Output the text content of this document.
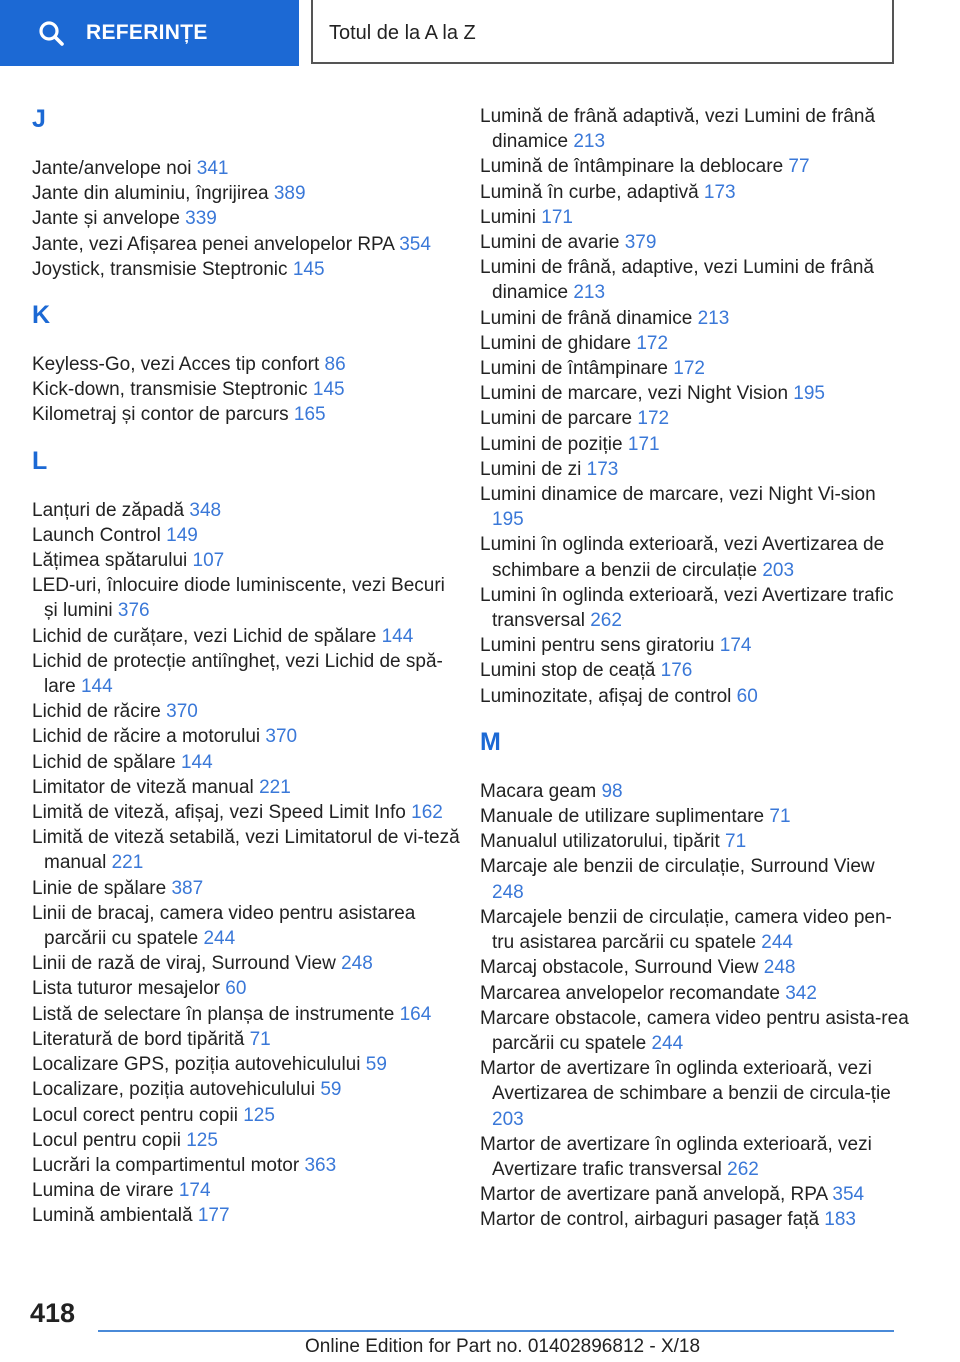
REFERINȚE	Totul de la A la Z
J
Jante/anvelope noi 341
Jante din aluminiu, îngrijirea 389
Jante și anvelope 339
Jante, vezi Afișarea penei anvelopelor RPA 354
Joystick, transmisie Steptronic 145
K
Keyless-Go, vezi Acces tip confort 86
Kick-down, transmisie Steptronic 145
Kilometraj și contor de parcurs 165
L
Lanțuri de zăpadă 348
Launch Control 149
Lățimea spătarului 107
LED-uri, înlocuire diode luminiscente, vezi Becuri și lumini 376
Lichid de curățare, vezi Lichid de spălare 144
Lichid de protecție antiîngheț, vezi Lichid de spă-lare 144
Lichid de răcire 370
Lichid de răcire a motorului 370
Lichid de spălare 144
Limitator de viteză manual 221
Limită de viteză, afișaj, vezi Speed Limit Info 162
Limită de viteză setabilă, vezi Limitatorul de vi-teză manual 221
Linie de spălare 387
Linii de bracaj, camera video pentru asistarea parcării cu spatele 244
Linii de rază de viraj, Surround View 248
Lista tuturor mesajelor 60
Listă de selectare în planșa de instrumente 164
Literatură de bord tipărită 71
Localizare GPS, poziția autovehiculului 59
Localizare, poziția autovehiculului 59
Locul corect pentru copii 125
Locul pentru copii 125
Lucrări la compartimentul motor 363
Lumina de virare 174
Lumină ambientală 177
Lumină de frână adaptivă, vezi Lumini de frână dinamice 213
Lumină de întâmpinare la deblocare 77
Lumină în curbe, adaptivă 173
Lumini 171
Lumini de avarie 379
Lumini de frână, adaptive, vezi Lumini de frână dinamice 213
Lumini de frână dinamice 213
Lumini de ghidare 172
Lumini de întâmpinare 172
Lumini de marcare, vezi Night Vision 195
Lumini de parcare 172
Lumini de poziție 171
Lumini de zi 173
Lumini dinamice de marcare, vezi Night Vi-sion 195
Lumini în oglinda exterioară, vezi Avertizarea de schimbare a benzii de circulație 203
Lumini în oglinda exterioară, vezi Avertizare trafic transversal 262
Lumini pentru sens giratoriu 174
Lumini stop de ceață 176
Luminozitate, afișaj de control 60
M
Macara geam 98
Manuale de utilizare suplimentare 71
Manualul utilizatorului, tipărit 71
Marcaje ale benzii de circulație, Surround View 248
Marcajele benzii de circulație, camera video pen-tru asistarea parcării cu spatele 244
Marcaj obstacole, Surround View 248
Marcarea anvelopelor recomandate 342
Marcare obstacole, camera video pentru asista-rea parcării cu spatele 244
Martor de avertizare în oglinda exterioară, vezi Avertizarea de schimbare a benzii de circula-ție 203
Martor de avertizare în oglinda exterioară, vezi Avertizare trafic transversal 262
Martor de avertizare pană anvelopă, RPA 354
Martor de control, airbaguri pasager față 183
418
Online Edition for Part no. 01402896812 - X/18
